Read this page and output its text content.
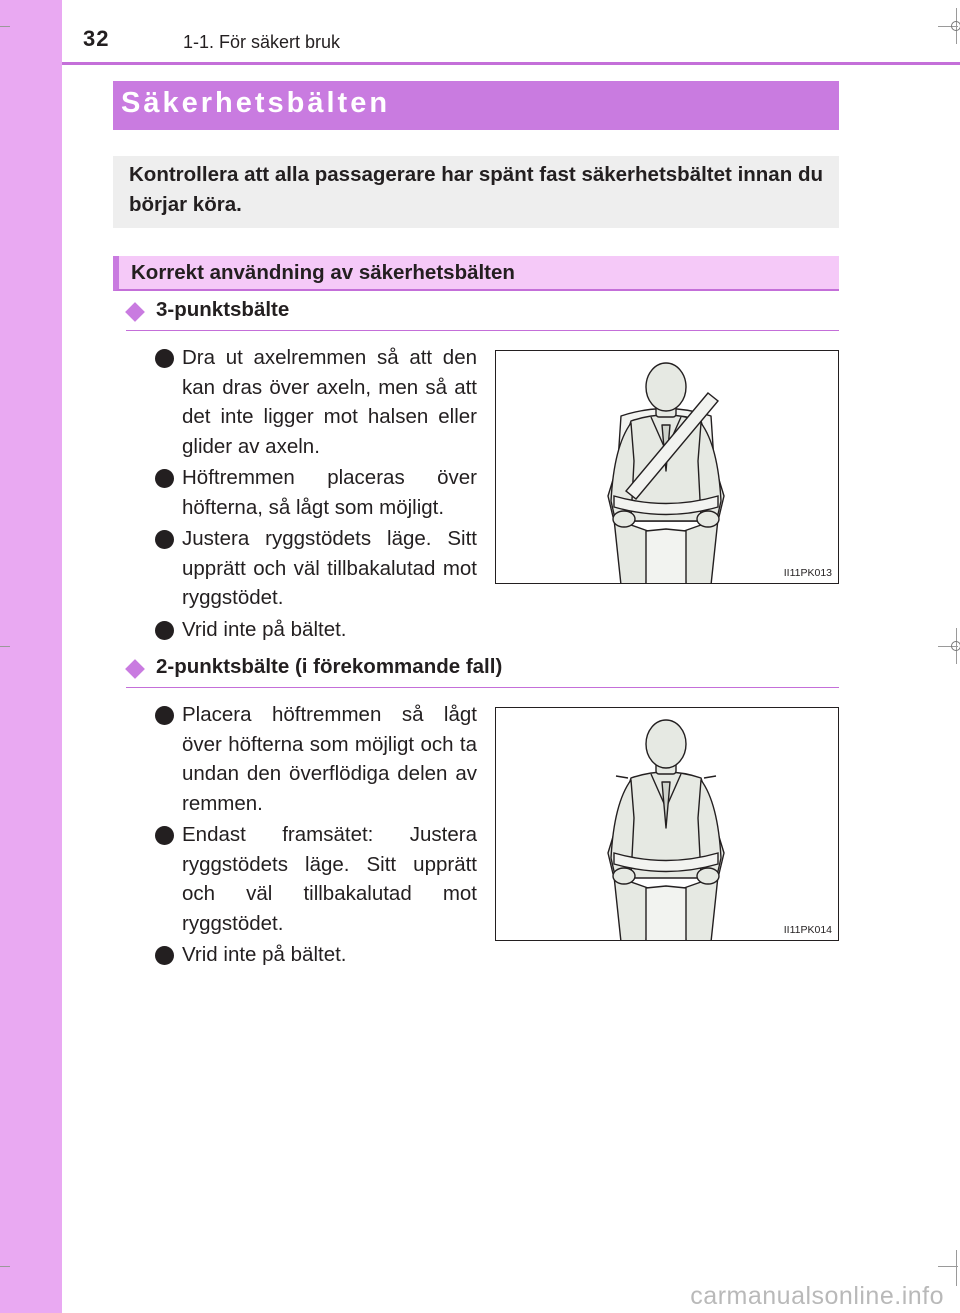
32	1-1. För säkert bruk
Säkerhetsbälten

Kontrollera att alla passagerare har spänt fast säkerhetsbältet innan du börjar köra.

Korrekt användning av säkerhetsbälten
3-punktsbälte
Dra ut axelremmen så att den kan dras över axeln, men så att det inte ligger mot halsen eller glider av axeln.
Höftremmen placeras över höfterna, så lågt som möjligt.
Justera ryggstödets läge. Sitt upprätt och väl tillbakalutad mot ryggstödet.
Vrid inte på bältet.
II11PK013
2-punktsbälte (i förekommande fall)
Placera höftremmen så lågt över höfterna som möjligt och ta undan den överflödiga delen av remmen.
Endast framsätet: Justera ryggstödets läge. Sitt upprätt och väl tillbakalutad mot ryggstödet.
Vrid inte på bältet.
II11PK014
carmanualsonline.info
